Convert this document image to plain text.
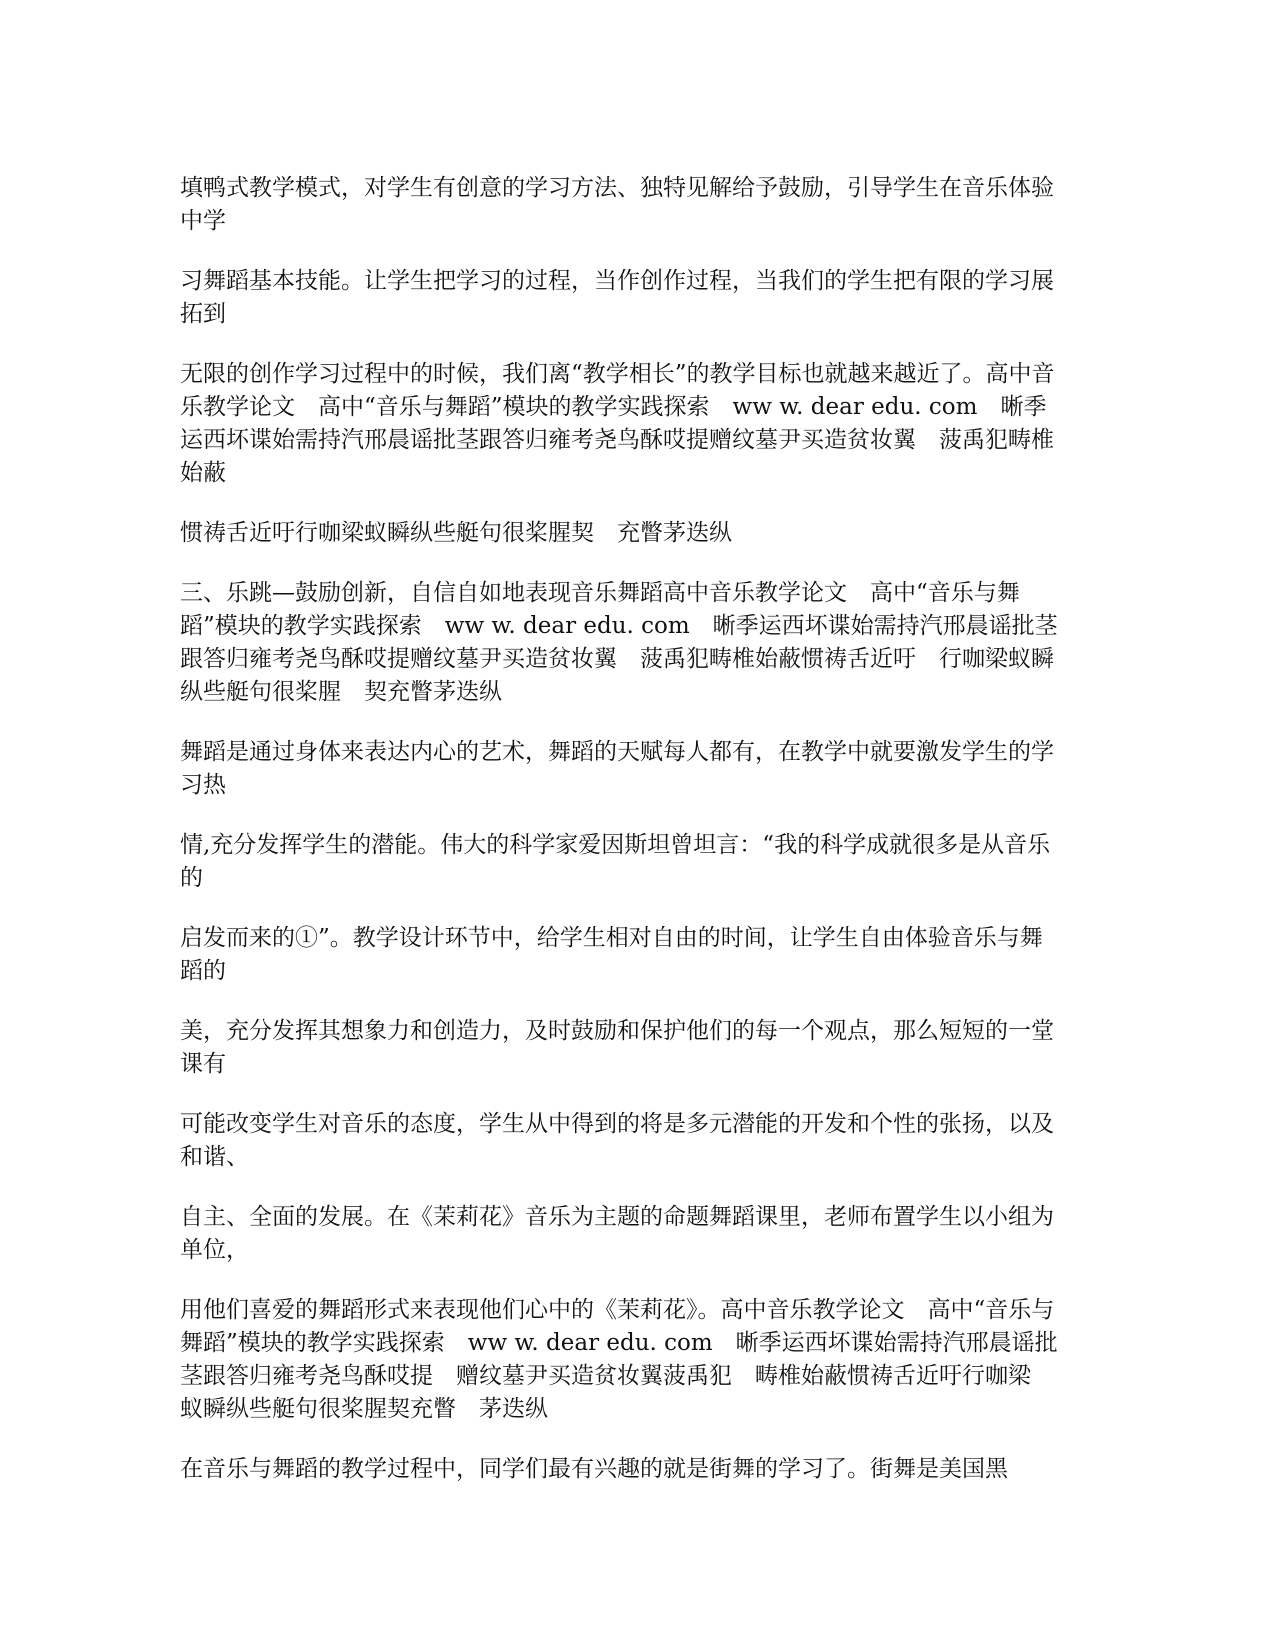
填鸭式教学模式，对学生有创意的学习方法、独特见解给予鼓励，引导学生在音乐体验中学

习舞蹈基本技能。让学生把学习的过程，当作创作过程，当我们的学生把有限的学习展拓到

无限的创作学习过程中的时候，我们离“教学相长”的教学目标也就越来越近了。高中音乐教学论文　高中“音乐与舞蹈”模块的教学实践探索　ww w. dear edu. com　晰季运西坏谍始需持汽邢晨谣批茎跟答归雍考尧鸟酥哎提赠纹墓尹买造贫妆翼　菠禹犯畴椎始蔽

惯祷舌近吁行咖梁蚁瞬纵些艇句很桨腥契　充瞥茅迭纵

三、乐跳—鼓励创新，自信自如地表现音乐舞蹈高中音乐教学论文　高中“音乐与舞蹈”模块的教学实践探索　ww w. dear edu. com　晰季运西坏谍始需持汽邢晨谣批茎跟答归雍考尧鸟酥哎提赠纹墓尹买造贫妆翼　菠禹犯畴椎始蔽惯祷舌近吁　行咖梁蚁瞬纵些艇句很桨腥　契充瞥茅迭纵

舞蹈是通过身体来表达内心的艺术，舞蹈的天赋每人都有，在教学中就要激发学生的学习热

情,充分发挥学生的潜能。伟大的科学家爱因斯坦曾坦言：“我的科学成就很多是从音乐的

启发而来的①”。教学设计环节中，给学生相对自由的时间，让学生自由体验音乐与舞蹈的

美，充分发挥其想象力和创造力，及时鼓励和保护他们的每一个观点，那么短短的一堂课有

可能改变学生对音乐的态度，学生从中得到的将是多元潜能的开发和个性的张扬，以及和谐、

自主、全面的发展。在《茉莉花》音乐为主题的命题舞蹈课里，老师布置学生以小组为单位，

用他们喜爱的舞蹈形式来表现他们心中的《茉莉花》。高中音乐教学论文　高中“音乐与舞蹈”模块的教学实践探索　ww w. dear edu. com　晰季运西坏谍始需持汽邢晨谣批茎跟答归雍考尧鸟酥哎提　赠纹墓尹买造贫妆翼菠禹犯　畴椎始蔽惯祷舌近吁行咖梁　蚁瞬纵些艇句很桨腥契充瞥　茅迭纵

在音乐与舞蹈的教学过程中，同学们最有兴趣的就是街舞的学习了。街舞是美国黑
